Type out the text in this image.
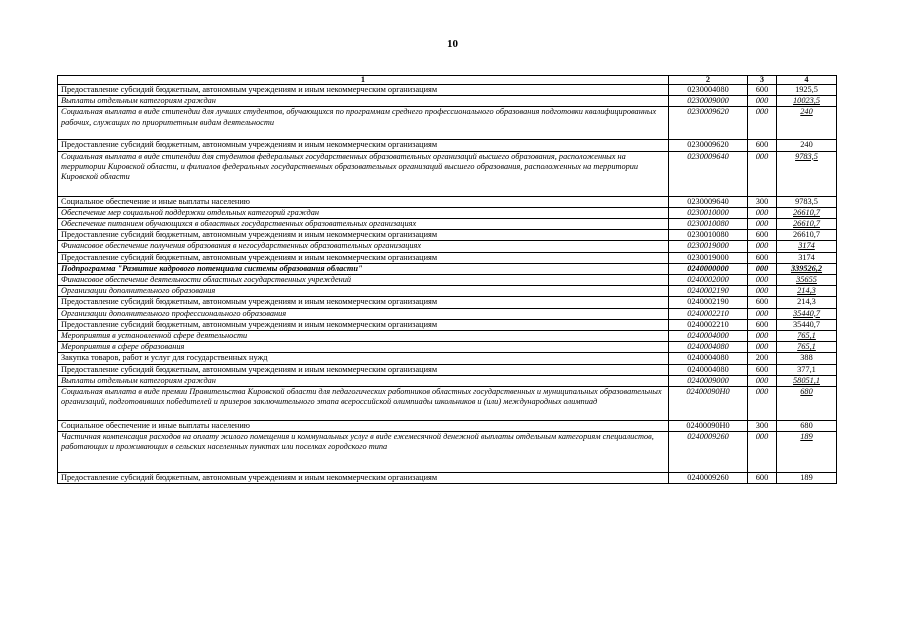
10
1	2	3	4
Предоставление субсидий бюджетным, автономным учреждениям и иным некоммерческим организациям	0230004080	600	1925,5
Выплаты отдельным категориям граждан	0230009000	000	10023,5
Социальная выплата в виде стипендии для лучших студентов, обучающихся по программам среднего профессионального образования подготовки квалифицированных рабочих, служащих по приоритетным видам деятельности	0230009620	000	240
Предоставление субсидий бюджетным, автономным учреждениям и иным некоммерческим организациям	0230009620	600	240
Социальная выплата в виде стипендии для студентов федеральных государственных образовательных организаций высшего образования, расположенных на территории Кировской области, и филиалов федеральных государственных образовательных организаций высшего образования, расположенных на территории Кировской области	0230009640	000	9783,5
Социальное обеспечение и иные выплаты населению	0230009640	300	9783,5
Обеспечение мер социальной поддержки отдельных категорий граждан	0230010000	000	26610,7
Обеспечение питанием обучающихся в областных государственных образовательных организациях	0230010080	000	26610,7
Предоставление субсидий бюджетным, автономным учреждениям и иным некоммерческим организациям	0230010080	600	26610,7
Финансовое обеспечение получения образования в негосударственных образовательных организациях	0230019000	000	3174
Предоставление субсидий бюджетным, автономным учреждениям и иным некоммерческим организациям	0230019000	600	3174
Подпрограмма "Развитие кадрового потенциала системы образования области"	0240000000	000	339526,2
Финансовое обеспечение деятельности областных государственных учреждений	0240002000	000	35655
Организации дополнительного образования	0240002190	000	214,3
Предоставление субсидий бюджетным, автономным учреждениям и иным некоммерческим организациям	0240002190	600	214,3
Организации дополнительного профессионального образования	0240002210	000	35440,7
Предоставление субсидий бюджетным, автономным учреждениям и иным некоммерческим организациям	0240002210	600	35440,7
Мероприятия в установленной сфере деятельности	0240004000	000	765,1
Мероприятия в сфере образования	0240004080	000	765,1
Закупка товаров, работ и услуг для государственных нужд	0240004080	200	388
Предоставление субсидий бюджетным, автономным учреждениям и иным некоммерческим организациям	0240004080	600	377,1
Выплаты отдельным категориям граждан	0240009000	000	58051,1
Социальная выплата в виде премии Правительства Кировской области для педагогических работников областных государственных и муниципальных образовательных организаций, подготовивших победителей и призеров заключительного этапа всероссийской олимпиады школьников и (или) международных олимпиад	02400090Н0	000	680
Социальное обеспечение и иные выплаты населению	02400090Н0	300	680
Частичная компенсация расходов на оплату жилого помещения и коммунальных услуг в виде ежемесячной денежной выплаты отдельным категориям специалистов, работающих и проживающих в сельских населенных пунктах или поселках городского типа	0240009260	000	189
Предоставление субсидий бюджетным, автономным учреждениям и иным некоммерческим организациям	0240009260	600	189
